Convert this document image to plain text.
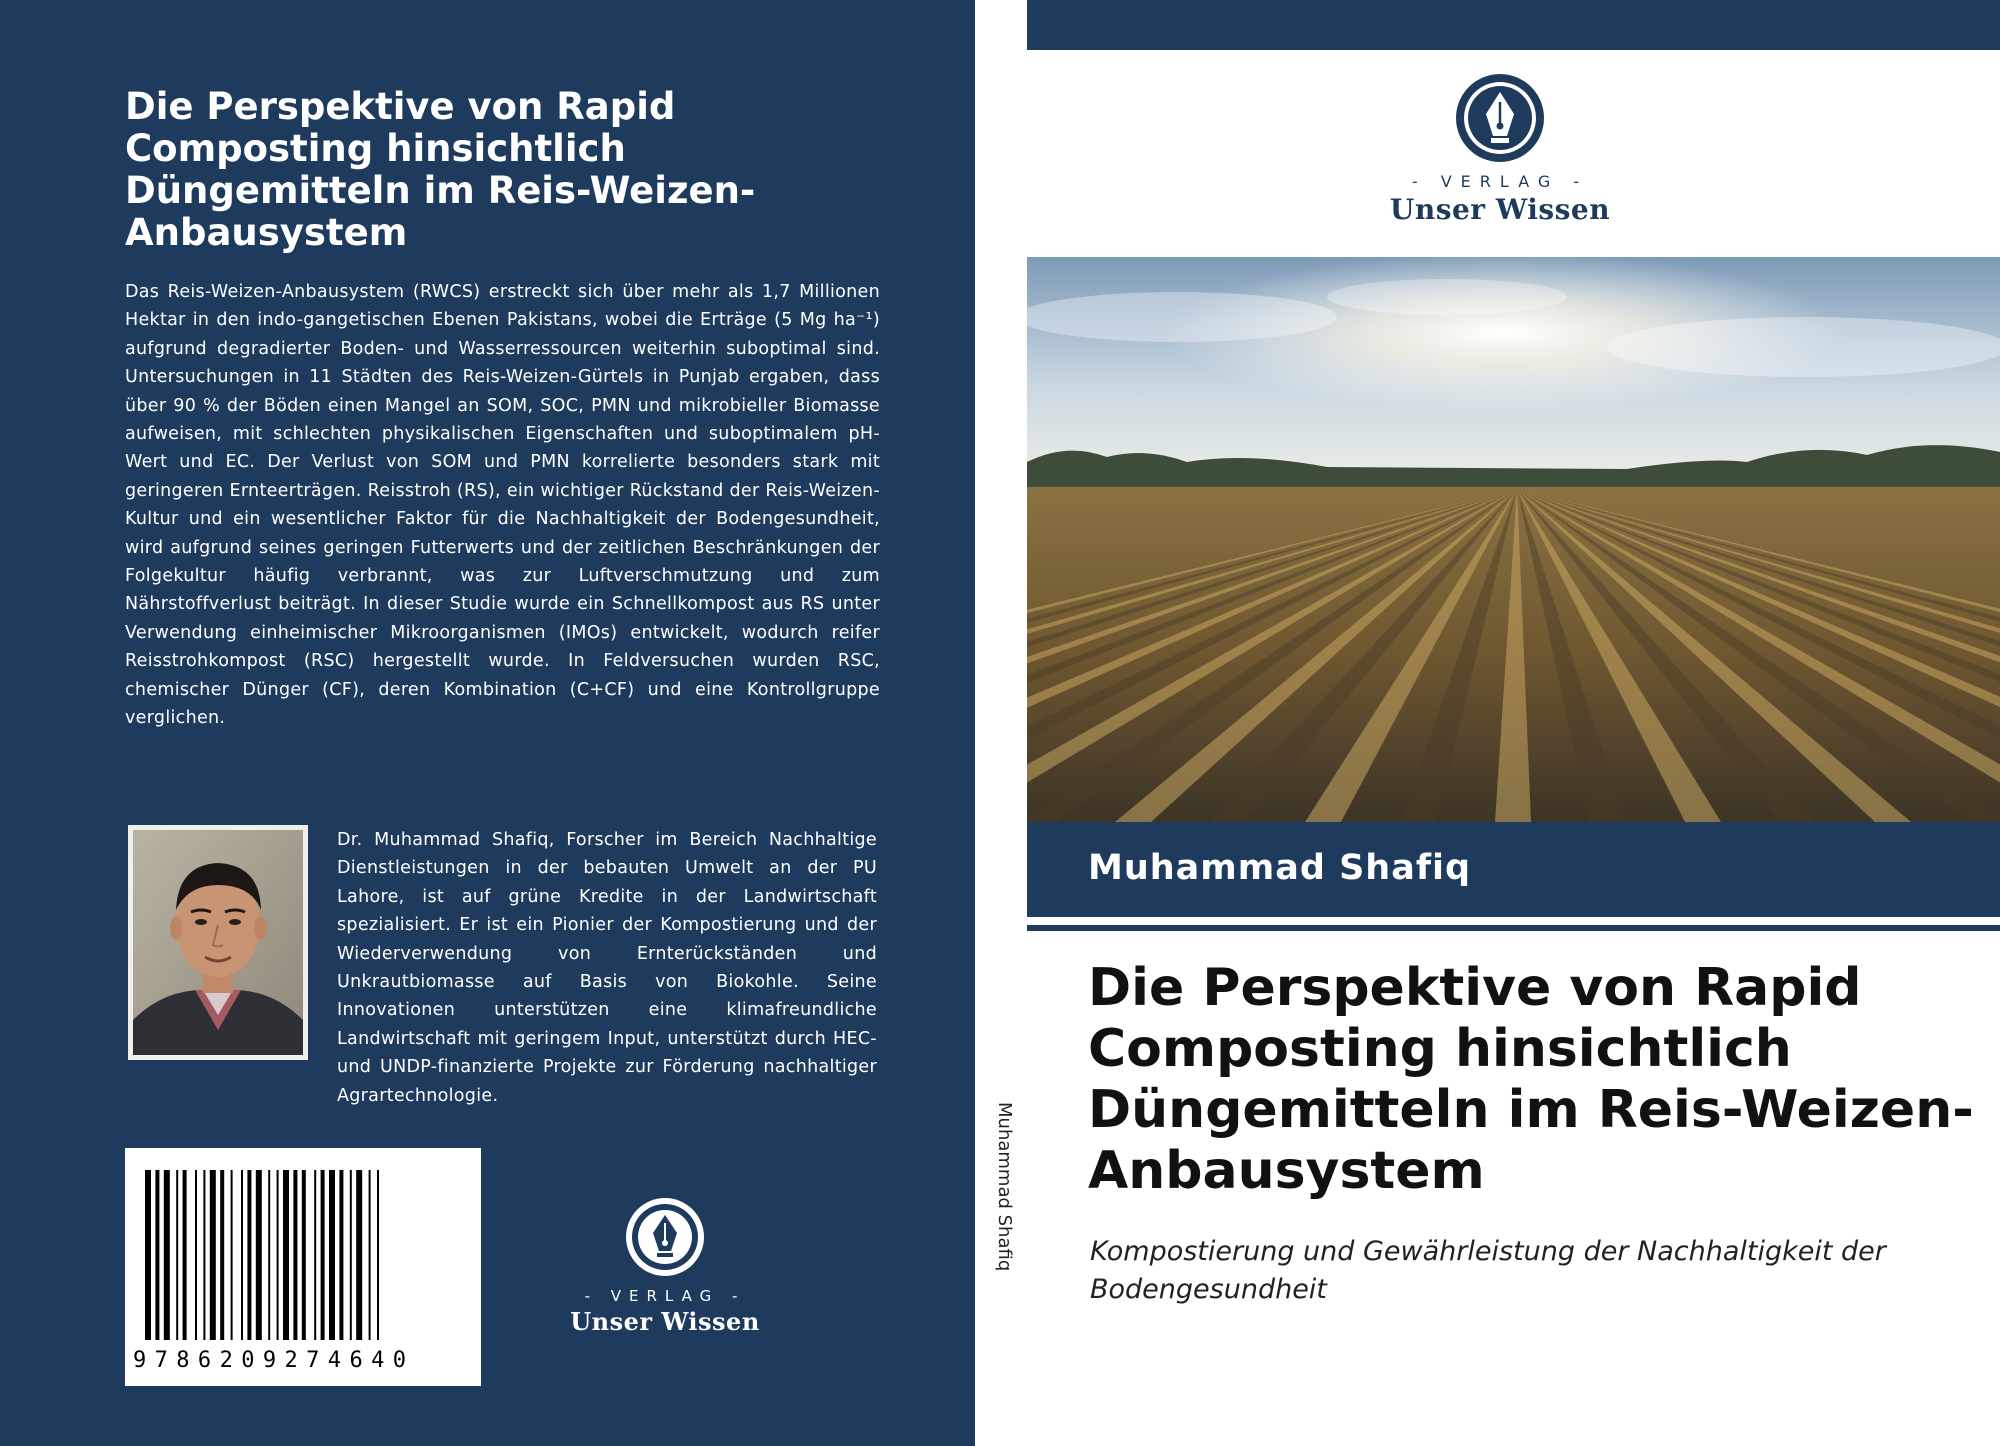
Die Perspektive von Rapid Composting hinsichtlich Düngemitteln im Reis-Weizen-Anbausystem

Das Reis-Weizen-Anbausystem (RWCS) erstreckt sich über mehr als 1,7 Millionen Hektar in den indo-gangetischen Ebenen Pakistans, wobei die Erträge (5 Mg ha⁻¹) aufgrund degradierter Boden- und Wasserressourcen weiterhin suboptimal sind. Untersuchungen in 11 Städten des Reis-Weizen-Gürtels in Punjab ergaben, dass über 90 % der Böden einen Mangel an SOM, SOC, PMN und mikrobieller Biomasse aufweisen, mit schlechten physikalischen Eigenschaften und suboptimalem pH-Wert und EC. Der Verlust von SOM und PMN korrelierte besonders stark mit geringeren Ernteerträgen. Reisstroh (RS), ein wichtiger Rückstand der Reis-Weizen-Kultur und ein wesentlicher Faktor für die Nachhaltigkeit der Bodengesundheit, wird aufgrund seines geringen Futterwerts und der zeitlichen Beschränkungen der Folgekultur häufig verbrannt, was zur Luftverschmutzung und zum Nährstoffverlust beiträgt. In dieser Studie wurde ein Schnellkompost aus RS unter Verwendung einheimischer Mikroorganismen (IMOs) entwickelt, wodurch reifer Reisstrohkompost (RSC) hergestellt wurde. In Feldversuchen wurden RSC, chemischer Dünger (CF), deren Kombination (C+CF) und eine Kontrollgruppe verglichen.

Dr. Muhammad Shafiq, Forscher im Bereich Nachhaltige Dienstleistungen in der bebauten Umwelt an der PU Lahore, ist auf grüne Kredite in der Landwirtschaft spezialisiert. Er ist ein Pionier der Kompostierung und der Wiederverwendung von Ernterückständen und Unkrautbiomasse auf Basis von Biokohle. Seine Innovationen unterstützen eine klimafreundliche Landwirtschaft mit geringem Input, unterstützt durch HEC- und UNDP-finanzierte Projekte zur Förderung nachhaltiger Agrartechnologie.

9786209274640
- VERLAG -
Unser Wissen
Muhammad Shafiq
- VERLAG -
Unser Wissen
Muhammad Shafiq
Die Perspektive von Rapid Composting hinsichtlich Düngemitteln im Reis-Weizen-Anbausystem

Kompostierung und Gewährleistung der Nachhaltigkeit der Bodengesundheit
